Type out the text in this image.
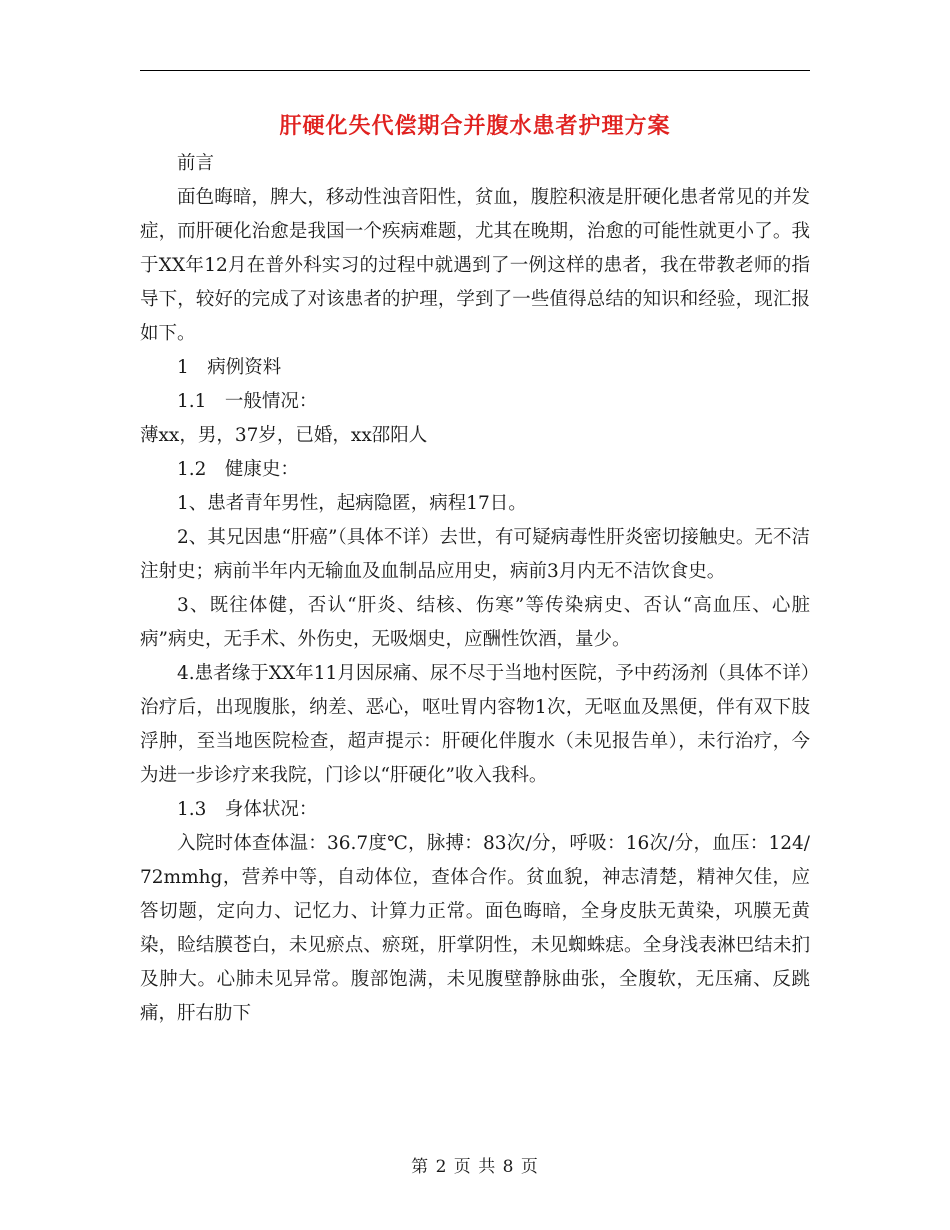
肝硬化失代偿期合并腹水患者护理方案

前言

面色晦暗，脾大，移动性浊音阳性，贫血，腹腔积液是肝硬化患者常见的并发症，而肝硬化治愈是我国一个疾病难题，尤其在晚期，治愈的可能性就更小了。我于XX年12月在普外科实习的过程中就遇到了一例这样的患者，我在带教老师的指导下，较好的完成了对该患者的护理，学到了一些值得总结的知识和经验，现汇报如下。

1　病例资料

1.1　一般情况：

薄xx，男，37岁，已婚，xx邵阳人

1.2　健康史：

1、患者青年男性，起病隐匿，病程17日。

2、其兄因患“肝癌”（具体不详）去世，有可疑病毒性肝炎密切接触史。无不洁注射史；病前半年内无输血及血制品应用史，病前3月内无不洁饮食史。

3、既往体健，否认“肝炎、结核、伤寒”等传染病史、否认“高血压、心脏病”病史，无手术、外伤史，无吸烟史，应酬性饮酒，量少。

4.患者缘于XX年11月因尿痛、尿不尽于当地村医院，予中药汤剂（具体不详）治疗后，出现腹胀，纳差、恶心，呕吐胃内容物1次，无呕血及黑便，伴有双下肢浮肿，至当地医院检查，超声提示：肝硬化伴腹水（未见报告单），未行治疗，今为进一步诊疗来我院，门诊以“肝硬化”收入我科。

1.3　身体状况：

入院时体查体温：36.7度℃，脉搏：83次/分，呼吸：16次/分，血压：124/72mmhg，营养中等，自动体位，查体合作。贫血貌，神志清楚，精神欠佳，应答切题，定向力、记忆力、计算力正常。面色晦暗，全身皮肤无黄染，巩膜无黄染，睑结膜苍白，未见瘀点、瘀斑，肝掌阴性，未见蜘蛛痣。全身浅表淋巴结未扪及肿大。心肺未见异常。腹部饱满，未见腹壁静脉曲张，全腹软，无压痛、反跳痛，肝右肋下

第 2 页 共 8 页
